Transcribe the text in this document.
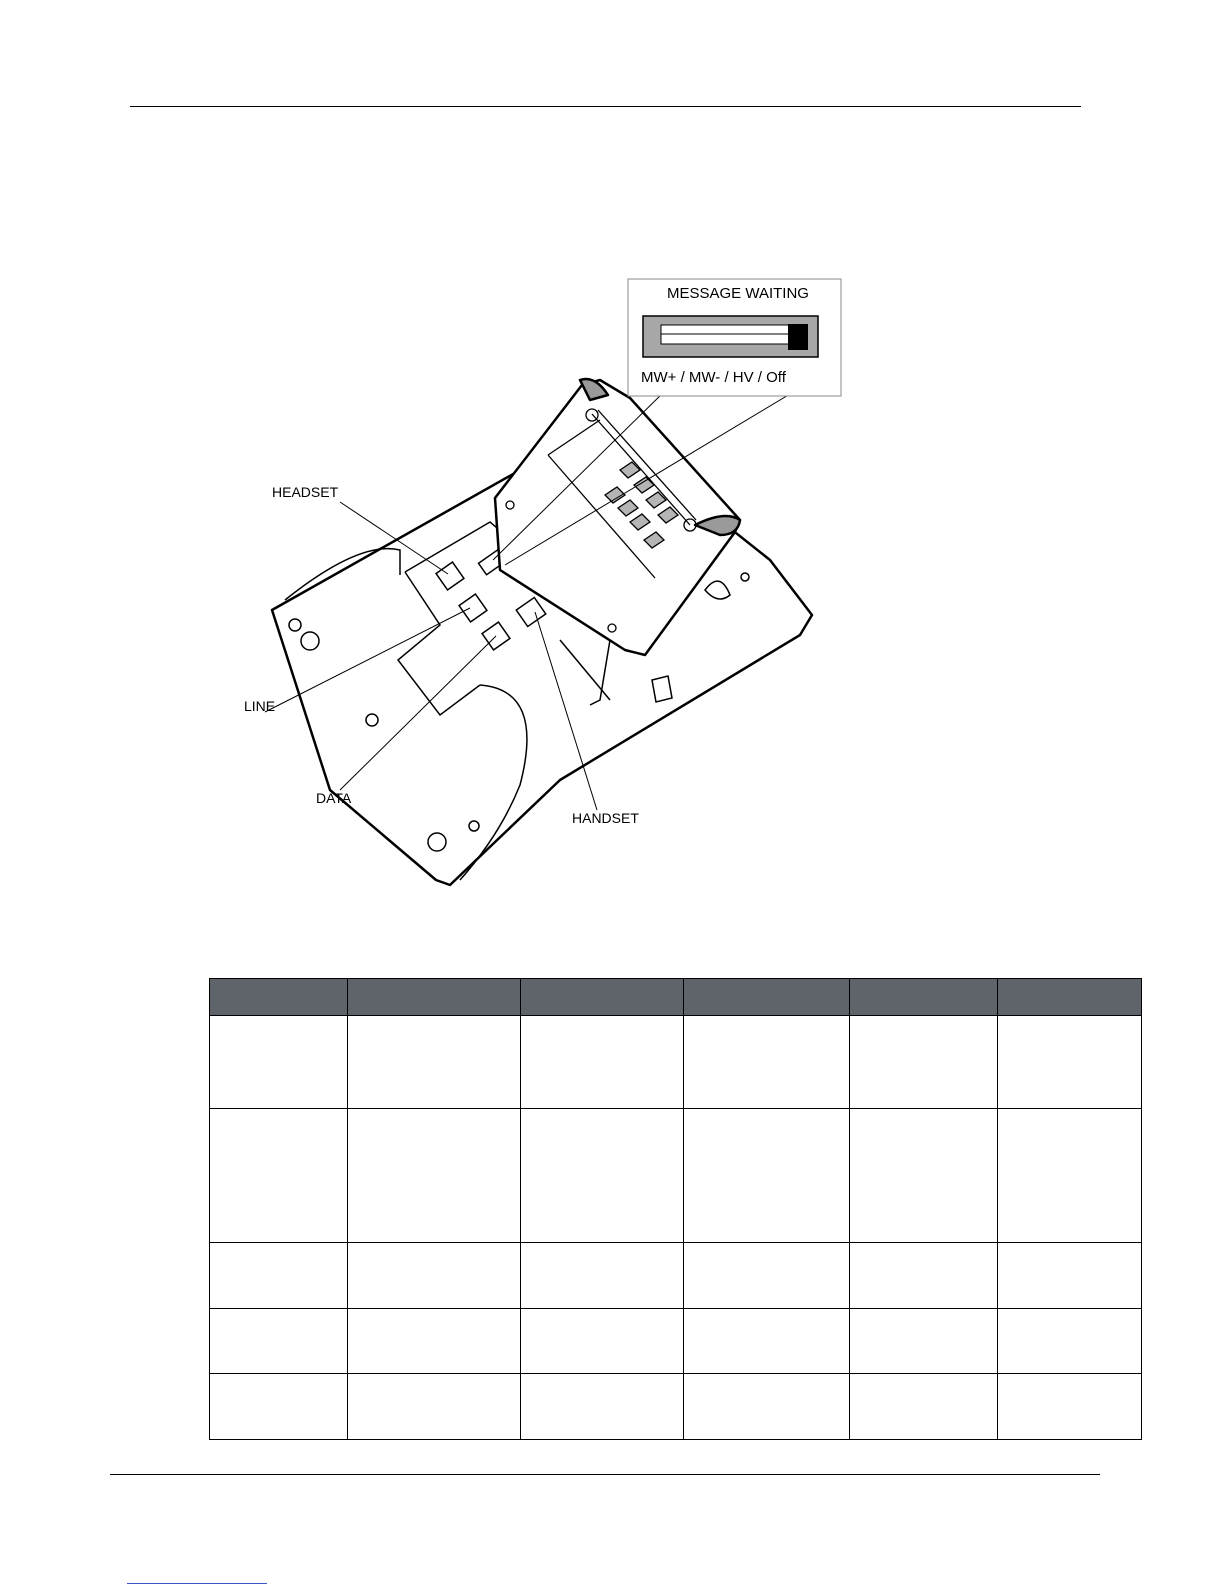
MESSAGE WAITING
MW+ / MW- / HV / Off
HEADSET
LINE
DATA
HANDSET
